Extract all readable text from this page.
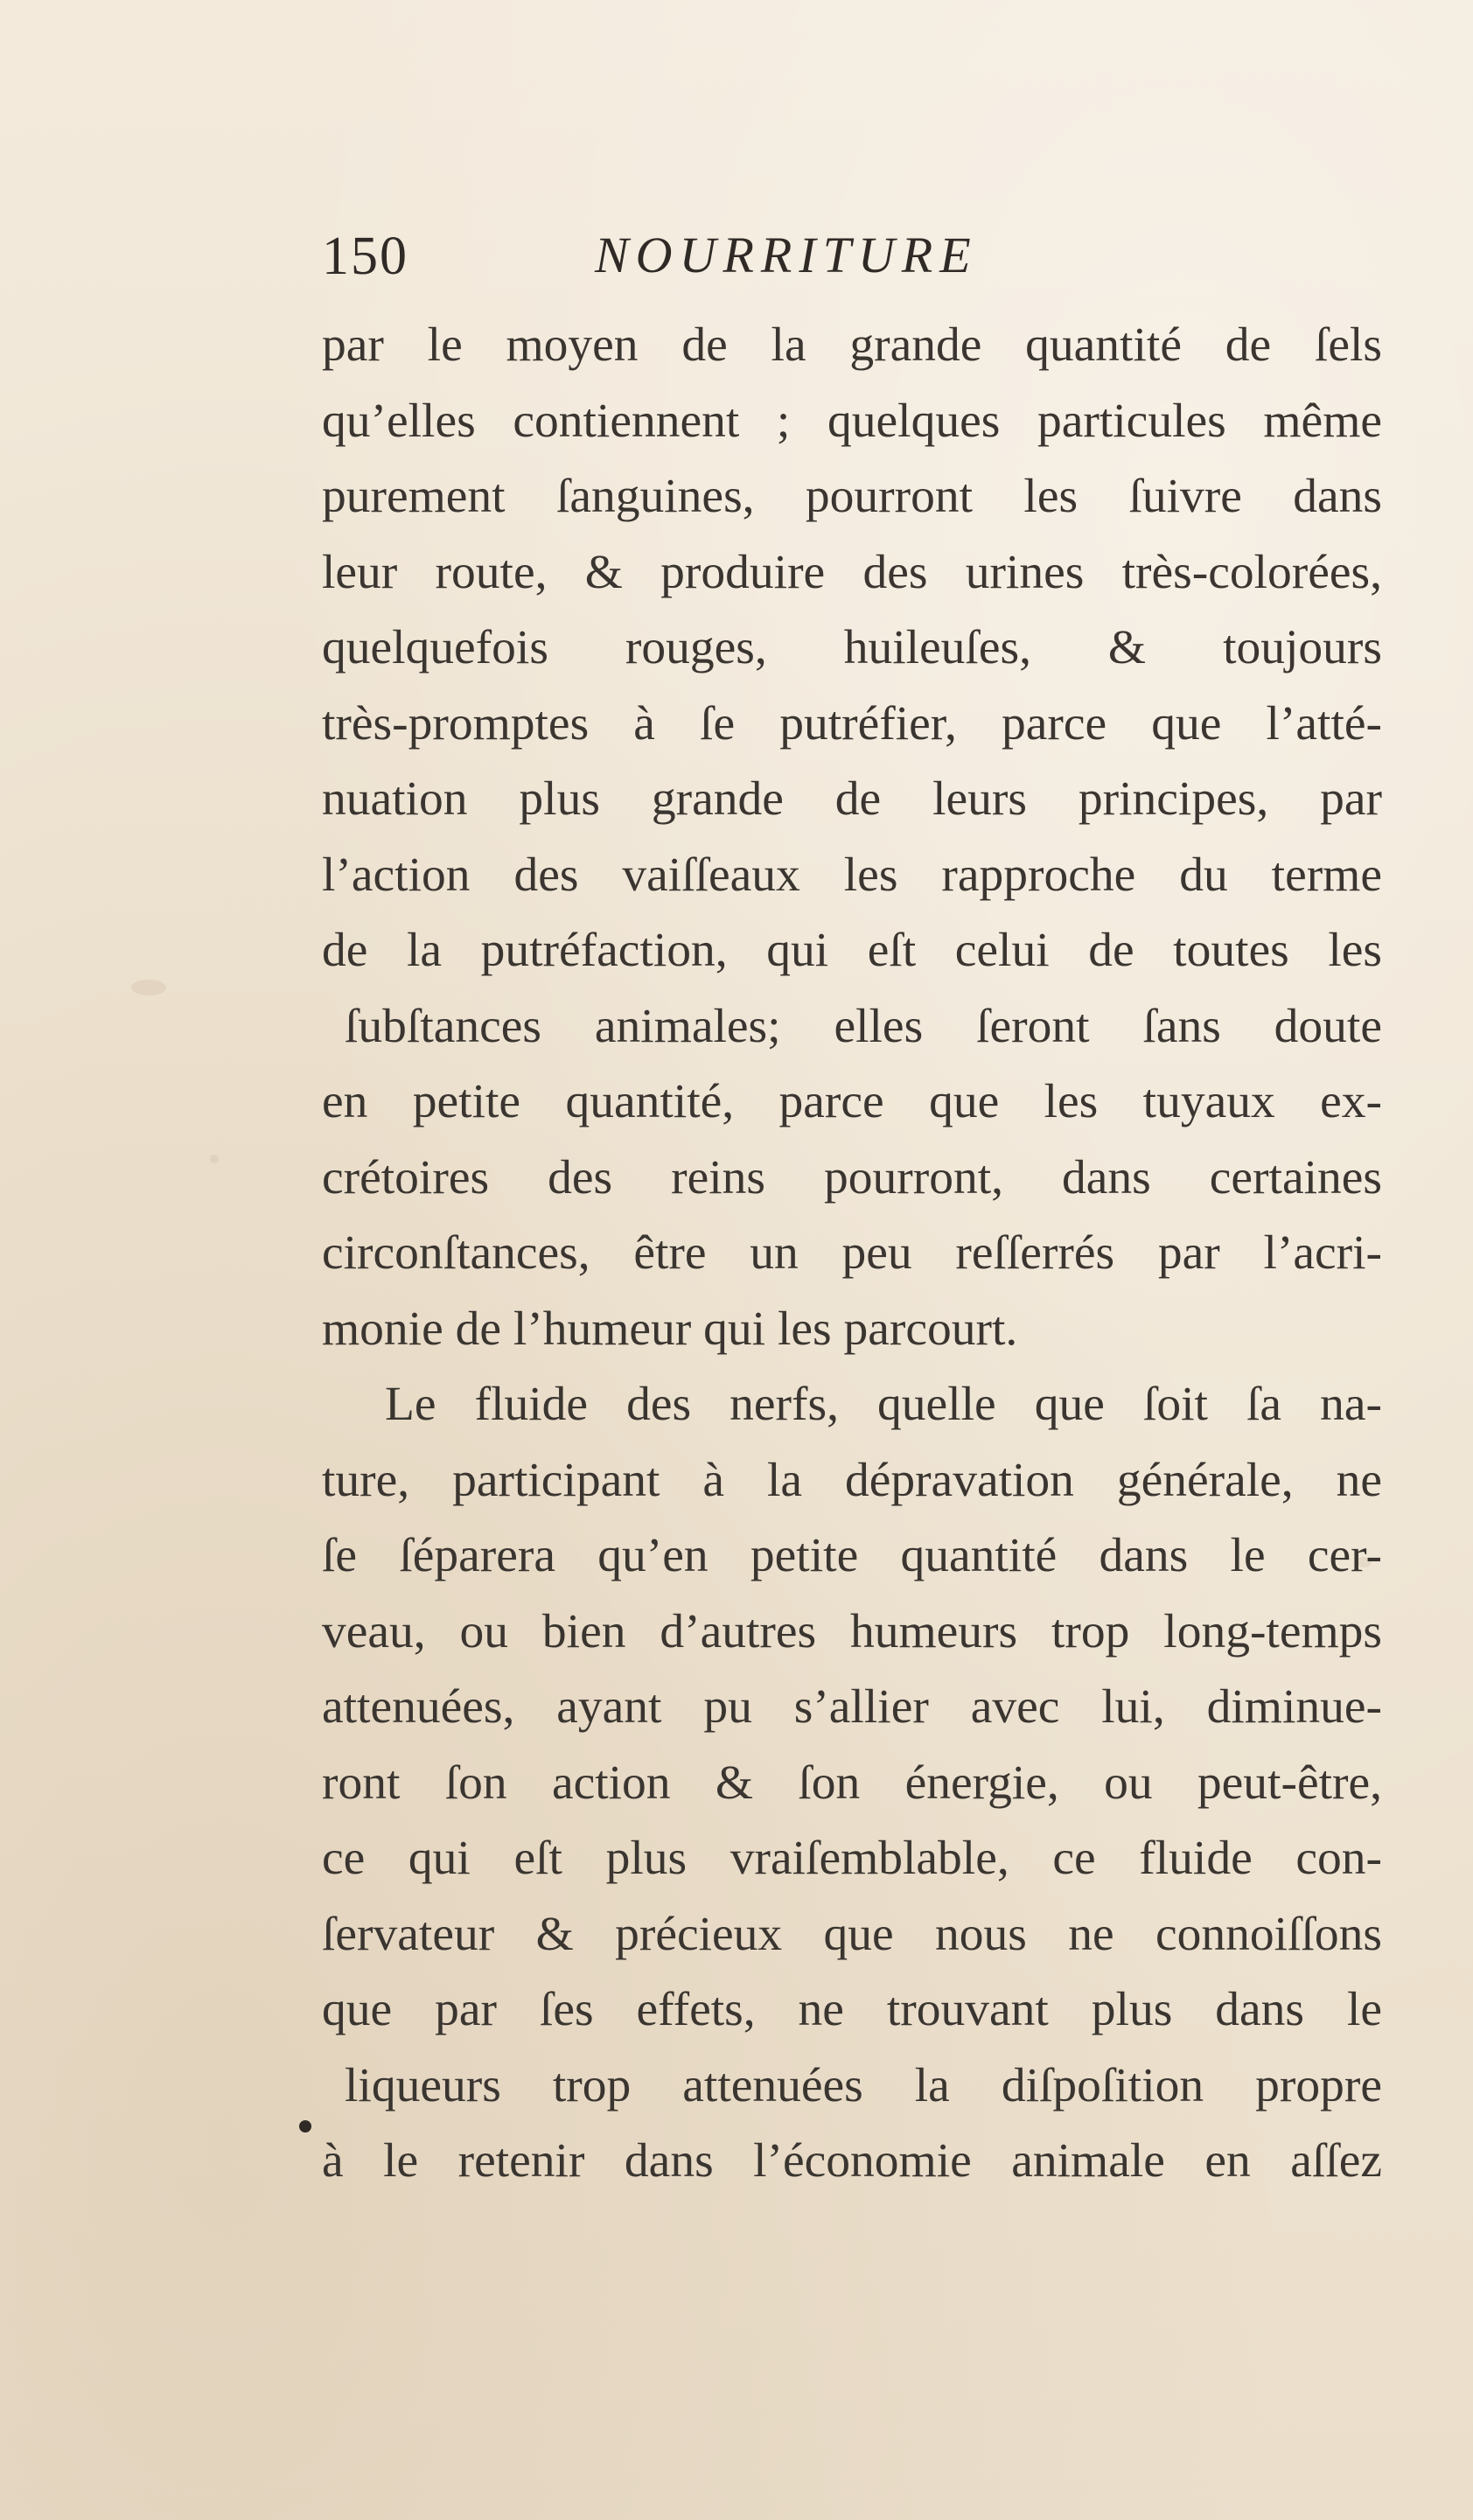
150	NOURRITURE
par le moyen de la grande quantité de ſels
qu’elles contiennent ; quelques particules même
purement ſanguines, pourront les ſuivre dans
leur route, & produire des urines très-colorées,
quelquefois rouges, huileuſes, & toujours
très-promptes à ſe putréfier, parce que l’atté-
nuation plus grande de leurs principes, par
l’action des vaiſſeaux les rapproche du terme
de la putréfaction, qui eſt celui de toutes les
ſubſtances animales; elles ſeront ſans doute
en petite quantité, parce que les tuyaux ex-
crétoires des reins pourront, dans certaines
circonſtances, être un peu reſſerrés par l’acri-
monie de l’humeur qui les parcourt.
Le fluide des nerfs, quelle que ſoit ſa na-
ture, participant à la dépravation générale, ne
ſe ſéparera qu’en petite quantité dans le cer-
veau, ou bien d’autres humeurs trop long-temps
attenuées, ayant pu s’allier avec lui, diminue-
ront ſon action & ſon énergie, ou peut-être,
ce qui eſt plus vraiſemblable, ce fluide con-
ſervateur & précieux que nous ne connoiſſons
que par ſes effets, ne trouvant plus dans le
liqueurs trop attenuées la diſpoſition propre
à le retenir dans l’économie animale en aſſez
